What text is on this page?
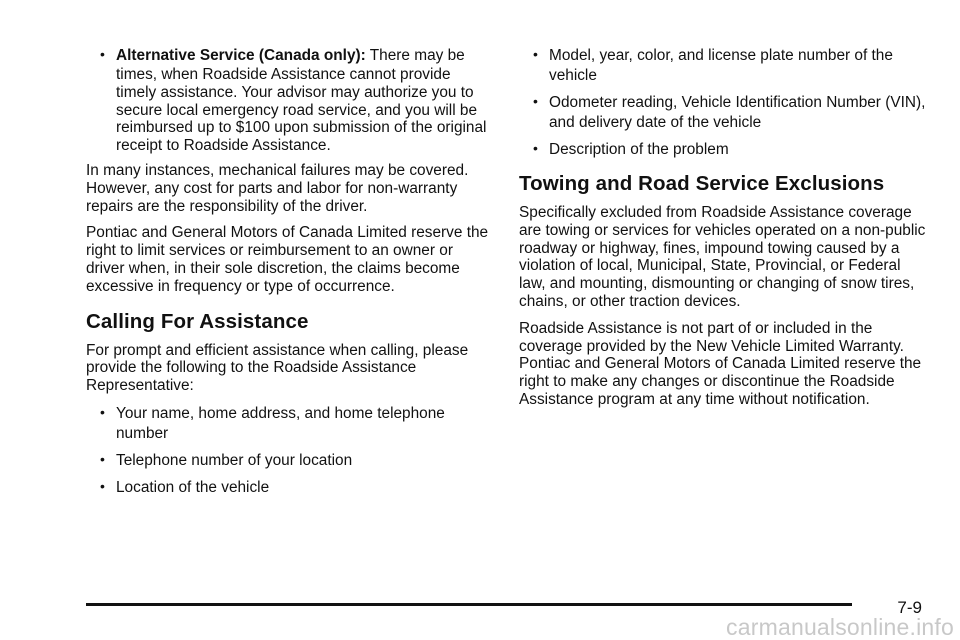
• Alternative Service (Canada only): There may be
times, when Roadside Assistance cannot provide timely assistance. Your advisor may authorize you to secure local emergency road service, and you will be reimbursed up to $100 upon submission of the original receipt to Roadside Assistance.

In many instances, mechanical failures may be covered. However, any cost for parts and labor for non-warranty repairs are the responsibility of the driver.

Pontiac and General Motors of Canada Limited reserve the right to limit services or reimbursement to an owner or driver when, in their sole discretion, the claims become excessive in frequency or type of occurrence.

Calling For Assistance

For prompt and efficient assistance when calling, please provide the following to the Roadside Assistance Representative:

• Your name, home address, and home telephone number
• Telephone number of your location
• Location of the vehicle
• Model, year, color, and license plate number of the vehicle
• Odometer reading, Vehicle Identification Number (VIN), and delivery date of the vehicle
• Description of the problem
Towing and Road Service Exclusions

Specifically excluded from Roadside Assistance coverage are towing or services for vehicles operated on a non-public roadway or highway, fines, impound towing caused by a violation of local, Municipal, State, Provincial, or Federal law, and mounting, dismounting or changing of snow tires, chains, or other traction devices.

Roadside Assistance is not part of or included in the coverage provided by the New Vehicle Limited Warranty. Pontiac and General Motors of Canada Limited reserve the right to make any changes or discontinue the Roadside Assistance program at any time without notification.

7-9
carmanualsonline.info
